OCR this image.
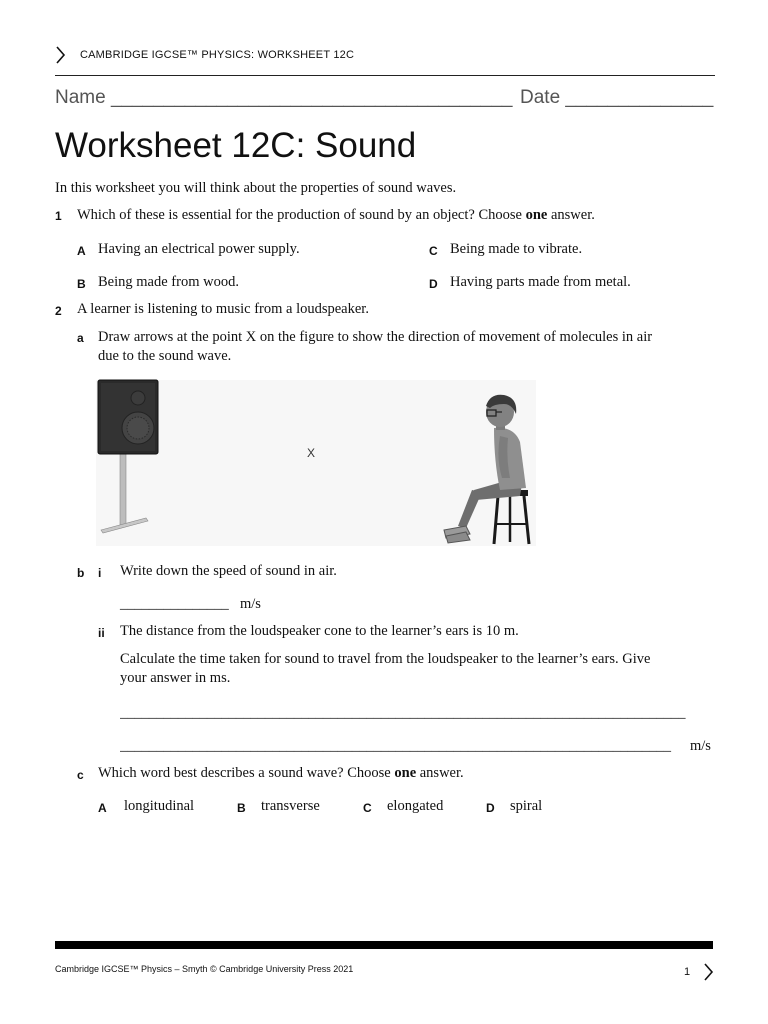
CAMBRIDGE IGCSE™ PHYSICS: WORKSHEET 12C
Name ______________________________________ Date ______________
Worksheet 12C: Sound
In this worksheet you will think about the properties of sound waves.
1 Which of these is essential for the production of sound by an object? Choose one answer.
A Having an electrical power supply.	C Being made to vibrate.
B Being made from wood.	D Having parts made from metal.
2 A learner is listening to music from a loudspeaker.
a Draw arrows at the point X on the figure to show the direction of movement of molecules in air
due to the sound wave.
X
b i Write down the speed of sound in air.
_______________ m/s
ii The distance from the loudspeaker cone to the learner’s ears is 10 m.
Calculate the time taken for sound to travel from the loudspeaker to the learner’s ears. Give
your answer in ms.
______________________________________________________________________________
____________________________________________________________________________	m/s
c Which word best describes a sound wave? Choose one answer.
A longitudinal	B transverse	C elongated	D spiral
Cambridge IGCSE™ Physics – Smyth © Cambridge University Press 2021	1
